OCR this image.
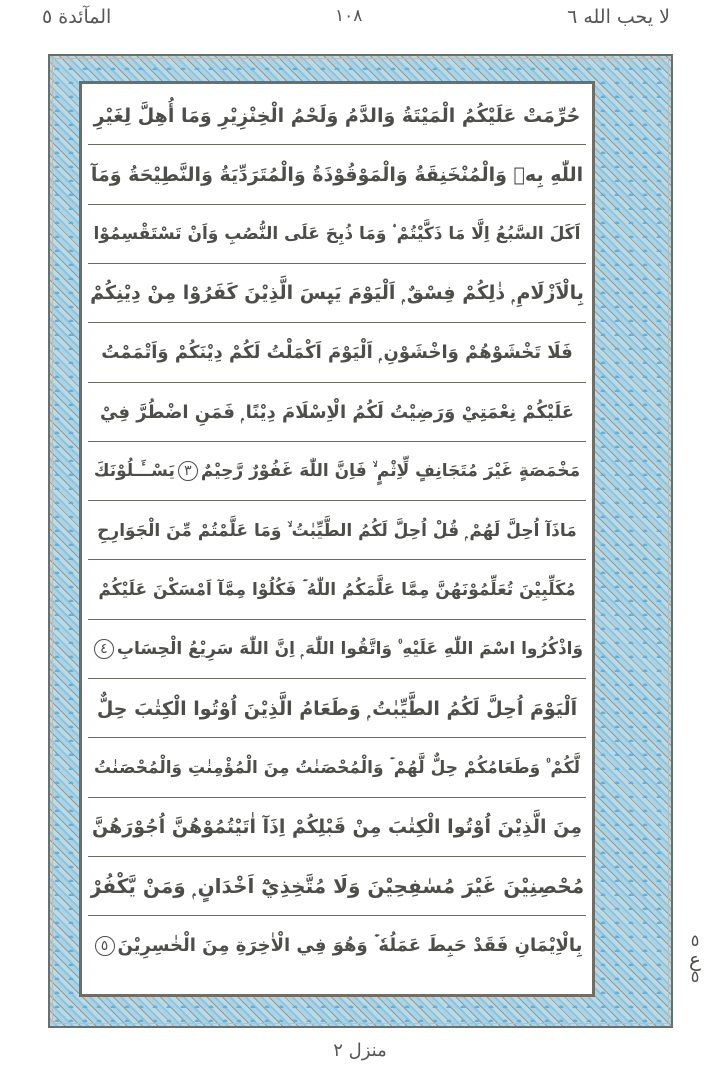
المآئدة ٥	١٠٨	لا يحب الله ٦
حُرِّمَتْ عَلَيْكُمُ الْمَيْتَةُ وَالدَّمُ وَلَحْمُ الْخِنْزِيْرِ وَمَا أُهِلَّ لِغَيْرِ
اللّٰهِ بِهٖ وَالْمُنْخَنِقَةُ وَالْمَوْقُوْذَةُ وَالْمُتَرَدِّيَةُ وَالنَّطِيْحَةُ وَمَآ
اَكَلَ السَّبُعُ اِلَّا مَا ذَكَّيْتُمْ ۟ وَمَا ذُبِحَ عَلَى النُّصُبِ وَاَنْ تَسْتَقْسِمُوْا
بِالْاَزْلَامِ ۭ ذٰلِكُمْ فِسْقٌ ۭ اَلْيَوْمَ يَىِٕسَ الَّذِيْنَ كَفَرُوْا مِنْ دِيْنِكُمْ
فَلَا تَخْشَوْهُمْ وَاخْشَوْنِ ۭ اَلْيَوْمَ اَكْمَلْتُ لَكُمْ دِيْنَكُمْ وَاَتْمَمْتُ
عَلَيْكُمْ نِعْمَتِيْ وَرَضِيْتُ لَكُمُ الْاِسْلَامَ دِيْنًا ۭ فَمَنِ اضْطُرَّ فِيْ
مَخْمَصَةٍ غَيْرَ مُتَجَانِفٍ لِّاِثْمٍ ۙ فَاِنَّ اللّٰهَ غَفُوْرٌ رَّحِيْمٌ
٣
يَسْــَٔـلُوْنَكَ
مَاذَآ اُحِلَّ لَهُمْ ۭ قُلْ اُحِلَّ لَكُمُ الطَّيِّبٰتُ ۙ وَمَا عَلَّمْتُمْ مِّنَ الْجَوَارِحِ
مُكَلِّبِيْنَ تُعَلِّمُوْنَهُنَّ مِمَّا عَلَّمَكُمُ اللّٰهُ ۡ فَكُلُوْا مِمَّآ اَمْسَكْنَ عَلَيْكُمْ
وَاذْكُرُوا اسْمَ اللّٰهِ عَلَيْهِ ۠ وَاتَّقُوا اللّٰهَ ۭ اِنَّ اللّٰهَ سَرِيْعُ الْحِسَابِ
٤
اَلْيَوْمَ اُحِلَّ لَكُمُ الطَّيِّبٰتُ ۭ وَطَعَامُ الَّذِيْنَ اُوْتُوا الْكِتٰبَ حِلٌّ
لَّكُمْ ۠ وَطَعَامُكُمْ حِلٌّ لَّهُمْ ۡ وَالْمُحْصَنٰتُ مِنَ الْمُؤْمِنٰتِ وَالْمُحْصَنٰتُ
مِنَ الَّذِيْنَ اُوْتُوا الْكِتٰبَ مِنْ قَبْلِكُمْ اِذَآ اٰتَيْتُمُوْهُنَّ اُجُوْرَهُنَّ
مُحْصِنِيْنَ غَيْرَ مُسٰفِحِيْنَ وَلَا مُتَّخِذِيْٓ اَخْدَانٍ ۭ وَمَنْ يَّكْفُرْ
بِالْاِيْمَانِ فَقَدْ حَبِطَ عَمَلُهٗ ۡ وَهُوَ فِي الْاٰخِرَةِ مِنَ الْخٰسِرِيْنَ
٥	٥
ع
٥
منزل ٢
